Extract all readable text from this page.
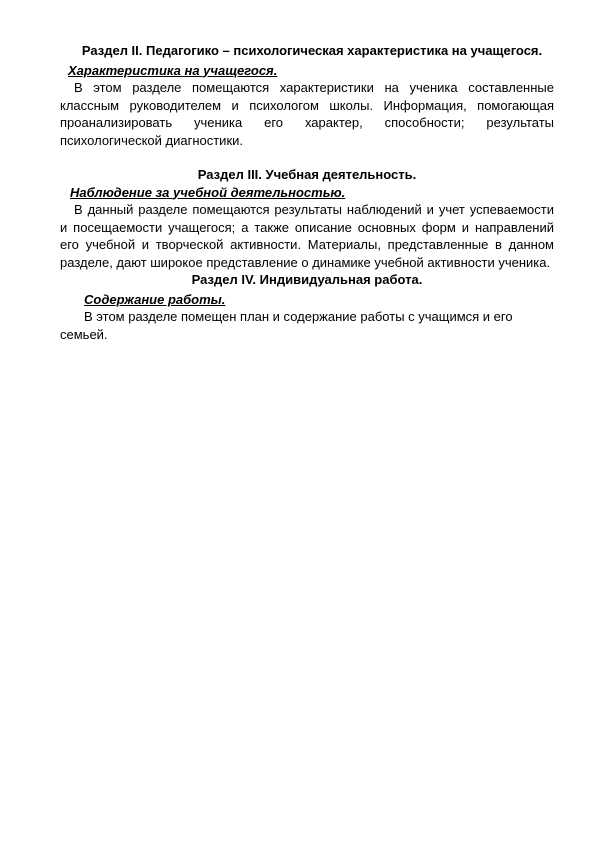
Раздел II. Педагогико – психологическая характеристика на учащегося.

Характеристика на учащегося.

В этом разделе помещаются характеристики на ученика составленные классным руководителем и психологом школы. Информация, помогающая проанализировать ученика его характер, способности; результаты психологической диагностики.

Раздел III. Учебная деятельность.

Наблюдение за учебной деятельностью.

В данный разделе помещаются результаты наблюдений и учет успеваемости и посещаемости учащегося; а также описание основных форм и направлений его учебной и творческой активности. Материалы, представленные в данном разделе, дают широкое представление о динамике учебной активности ученика.

Раздел IV. Индивидуальная работа.

Содержание работы.

В этом разделе помещен план и содержание работы с учащимся и его семьей.
